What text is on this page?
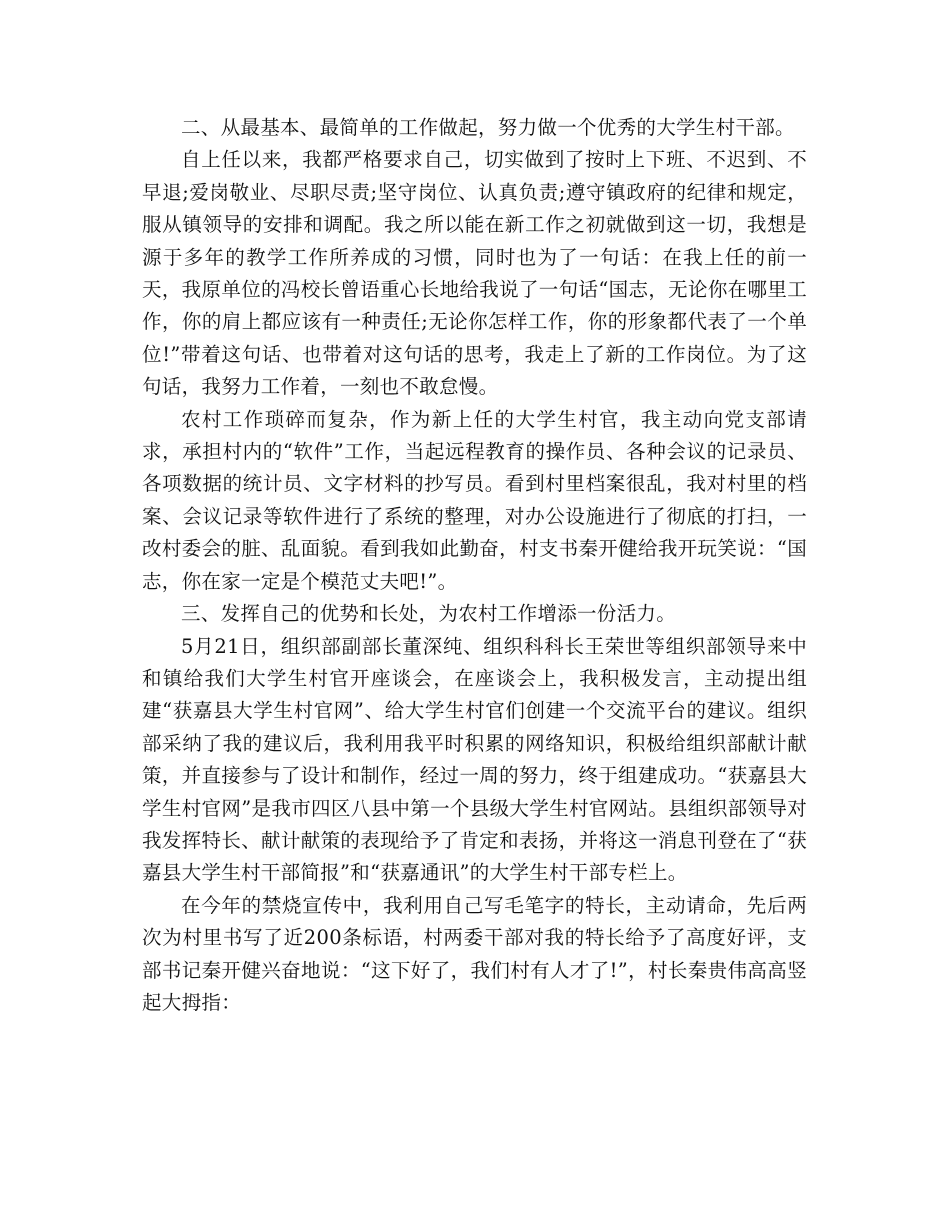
二、从最基本、最简单的工作做起，努力做一个优秀的大学生村干部。

自上任以来，我都严格要求自己，切实做到了按时上下班、不迟到、不早退;爱岗敬业、尽职尽责;坚守岗位、认真负责;遵守镇政府的纪律和规定，服从镇领导的安排和调配。我之所以能在新工作之初就做到这一切，我想是源于多年的教学工作所养成的习惯，同时也为了一句话：在我上任的前一天，我原单位的冯校长曾语重心长地给我说了一句话“国志，无论你在哪里工作，你的肩上都应该有一种责任;无论你怎样工作，你的形象都代表了一个单位!”带着这句话、也带着对这句话的思考，我走上了新的工作岗位。为了这句话，我努力工作着，一刻也不敢怠慢。

农村工作琐碎而复杂，作为新上任的大学生村官，我主动向党支部请求，承担村内的“软件”工作，当起远程教育的操作员、各种会议的记录员、各项数据的统计员、文字材料的抄写员。看到村里档案很乱，我对村里的档案、会议记录等软件进行了系统的整理，对办公设施进行了彻底的打扫，一改村委会的脏、乱面貌。看到我如此勤奋，村支书秦开健给我开玩笑说：“国志，你在家一定是个模范丈夫吧!”。

三、发挥自己的优势和长处，为农村工作增添一份活力。

5月21日，组织部副部长董深纯、组织科科长王荣世等组织部领导来中和镇给我们大学生村官开座谈会，在座谈会上，我积极发言，主动提出组建“获嘉县大学生村官网”、给大学生村官们创建一个交流平台的建议。组织部采纳了我的建议后，我利用我平时积累的网络知识，积极给组织部献计献策，并直接参与了设计和制作，经过一周的努力，终于组建成功。“获嘉县大学生村官网”是我市四区八县中第一个县级大学生村官网站。县组织部领导对我发挥特长、献计献策的表现给予了肯定和表扬，并将这一消息刊登在了“获嘉县大学生村干部简报”和“获嘉通讯”的大学生村干部专栏上。

在今年的禁烧宣传中，我利用自己写毛笔字的特长，主动请命，先后两次为村里书写了近200条标语，村两委干部对我的特长给予了高度好评，支部书记秦开健兴奋地说：“这下好了，我们村有人才了!”，村长秦贵伟高高竖起大拇指：
